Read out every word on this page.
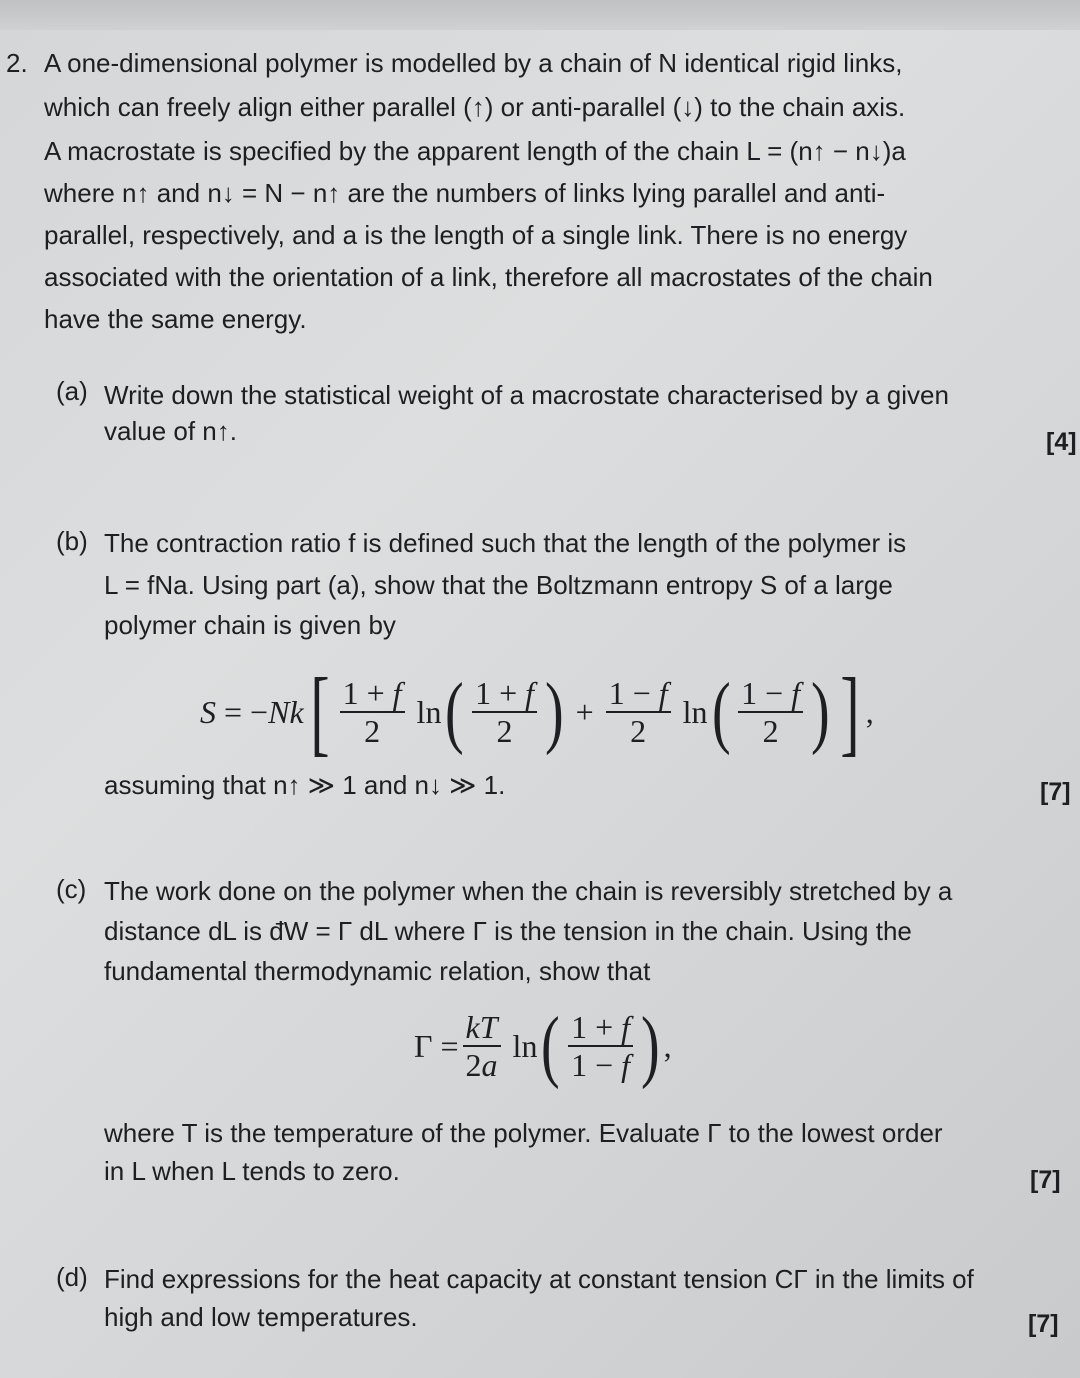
2. A one-dimensional polymer is modelled by a chain of N identical rigid links,
which can freely align either parallel (↑) or anti-parallel (↓) to the chain axis.
A macrostate is specified by the apparent length of the chain L = (n↑ − n↓)a
where n↑ and n↓ = N − n↑ are the numbers of links lying parallel and anti-
parallel, respectively, and a is the length of a single link. There is no energy
associated with the orientation of a link, therefore all macrostates of the chain
have the same energy.
(a) Write down the statistical weight of a macrostate characterised by a given
value of n↑.	[4]
(b) The contraction ratio f is defined such that the length of the polymer is
L = fNa. Using part (a), show that the Boltzmann entropy S of a large
polymer chain is given by
S = −Nk [ $\frac{1 + f}{2}$ ln ( $\frac{1 + f}{2}$ ) + $\frac{1 - f}{2}$ ln ( $\frac{1 - f}{2}$ ) ] ,
assuming that n↑ ≫ 1 and n↓ ≫ 1.	[7]
(c) The work done on the polymer when the chain is reversibly stretched by a
distance dL is đW = Γ dL where Γ is the tension in the chain. Using the
fundamental thermodynamic relation, show that
$\Gamma = \frac{kT}{2a}$ ln ( $\frac{1 + f}{1 - f}$ ) ,
where T is the temperature of the polymer. Evaluate Γ to the lowest order
in L when L tends to zero.	[7]
(d) Find expressions for the heat capacity at constant tension CΓ in the limits of
high and low temperatures.	[7]
